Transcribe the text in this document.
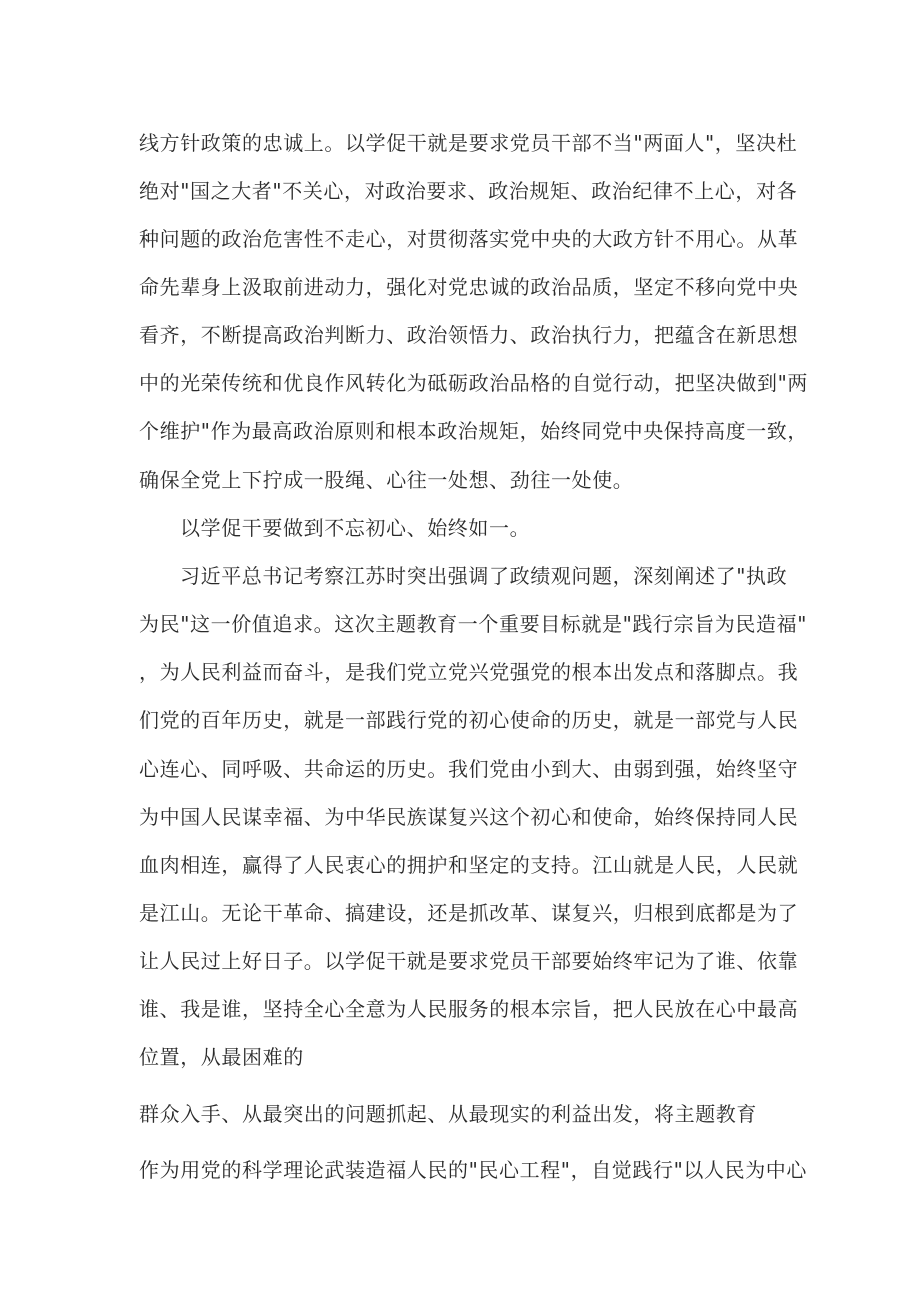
线方针政策的忠诚上。以学促干就是要求党员干部不当"两面人"，坚决杜
绝对"国之大者"不关心，对政治要求、政治规矩、政治纪律不上心，对各
种问题的政治危害性不走心，对贯彻落实党中央的大政方针不用心。从革
命先辈身上汲取前进动力，强化对党忠诚的政治品质，坚定不移向党中央
看齐，不断提高政治判断力、政治领悟力、政治执行力，把蕴含在新思想
中的光荣传统和优良作风转化为砥砺政治品格的自觉行动，把坚决做到"两
个维护"作为最高政治原则和根本政治规矩，始终同党中央保持高度一致，
确保全党上下拧成一股绳、心往一处想、劲往一处使。
以学促干要做到不忘初心、始终如一。
习近平总书记考察江苏时突出强调了政绩观问题，深刻阐述了"执政
为民"这一价值追求。这次主题教育一个重要目标就是"践行宗旨为民造福"
，为人民利益而奋斗，是我们党立党兴党强党的根本出发点和落脚点。我
们党的百年历史，就是一部践行党的初心使命的历史，就是一部党与人民
心连心、同呼吸、共命运的历史。我们党由小到大、由弱到强，始终坚守
为中国人民谋幸福、为中华民族谋复兴这个初心和使命，始终保持同人民
血肉相连，赢得了人民衷心的拥护和坚定的支持。江山就是人民，人民就
是江山。无论干革命、搞建设，还是抓改革、谋复兴，归根到底都是为了
让人民过上好日子。以学促干就是要求党员干部要始终牢记为了谁、依靠
谁、我是谁，坚持全心全意为人民服务的根本宗旨，把人民放在心中最高
位置，从最困难的
群众入手、从最突出的问题抓起、从最现实的利益出发，将主题教育
作为用党的科学理论武装造福人民的"民心工程"，自觉践行"以人民为中心
